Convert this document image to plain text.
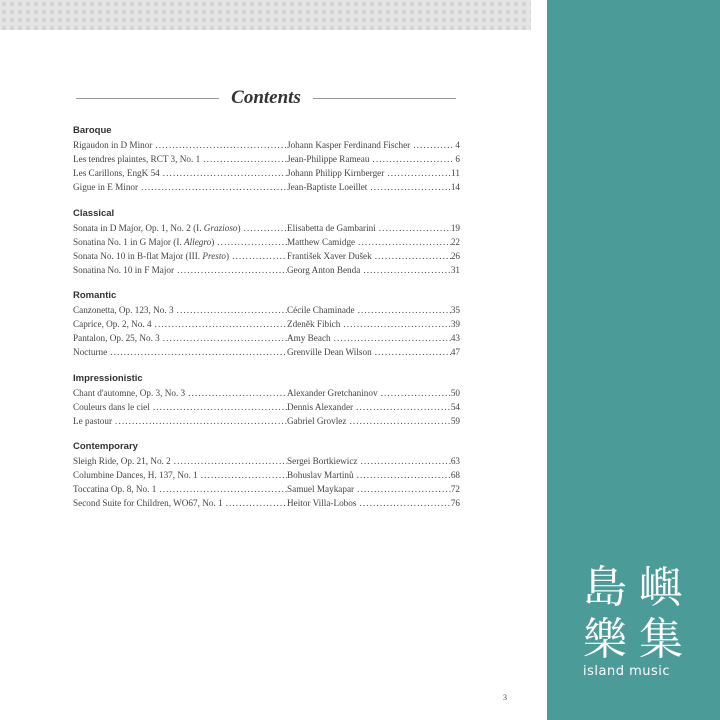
Contents
Baroque
Rigaudon in D Minor . . .	Johann Kasper Ferdinand Fischer . . .	4
Les tendres plaintes, RCT 3, No. 1 . . .	Jean-Philippe Rameau . . .	6
Les Carillons, EngK 54 . . .	Johann Philipp Kirnberger . . .	11
Gigue in E Minor . . .	Jean-Baptiste Loeillet . . .	14
Classical
Sonata in D Major, Op. 1, No. 2 (I. Grazioso) . . .	Elisabetta de Gambarini . . .	19
Sonatina No. 1 in G Major (I. Allegro) . . .	Matthew Camidge . . .	22
Sonata No. 10 in B-flat Major (III. Presto) . . .	František Xaver Dušek . . .	26
Sonatina No. 10 in F Major . . .	Georg Anton Benda . . .	31
Romantic
Canzonetta, Op. 123, No. 3 . . .	Cécile Chaminade . . .	35
Caprice, Op. 2, No. 4 . . .	Zdeněk Fibich . . .	39
Pantalon, Op. 25, No. 3 . . .	Amy Beach . . .	43
Nocturne . . .	Grenville Dean Wilson . . .	47
Impressionistic
Chant d'automne, Op. 3, No. 3 . . .	Alexander Gretchaninov . . .	50
Couleurs dans le ciel . . .	Dennis Alexander . . .	54
Le pastour . . .	Gabriel Grovlez . . .	59
Contemporary
Sleigh Ride, Op. 21, No. 2 . . .	Sergei Bortkiewicz . . .	63
Columbine Dances, H. 137, No. 1 . . .	Bohuslav Martinů . . .	68
Toccatina Op. 8, No. 1 . . .	Samuel Maykapar . . .	72
Second Suite for Children, WO67, No. 1 . . .	Heitor Villa-Lobos . . .	76
3
島嶼
樂集
island music
